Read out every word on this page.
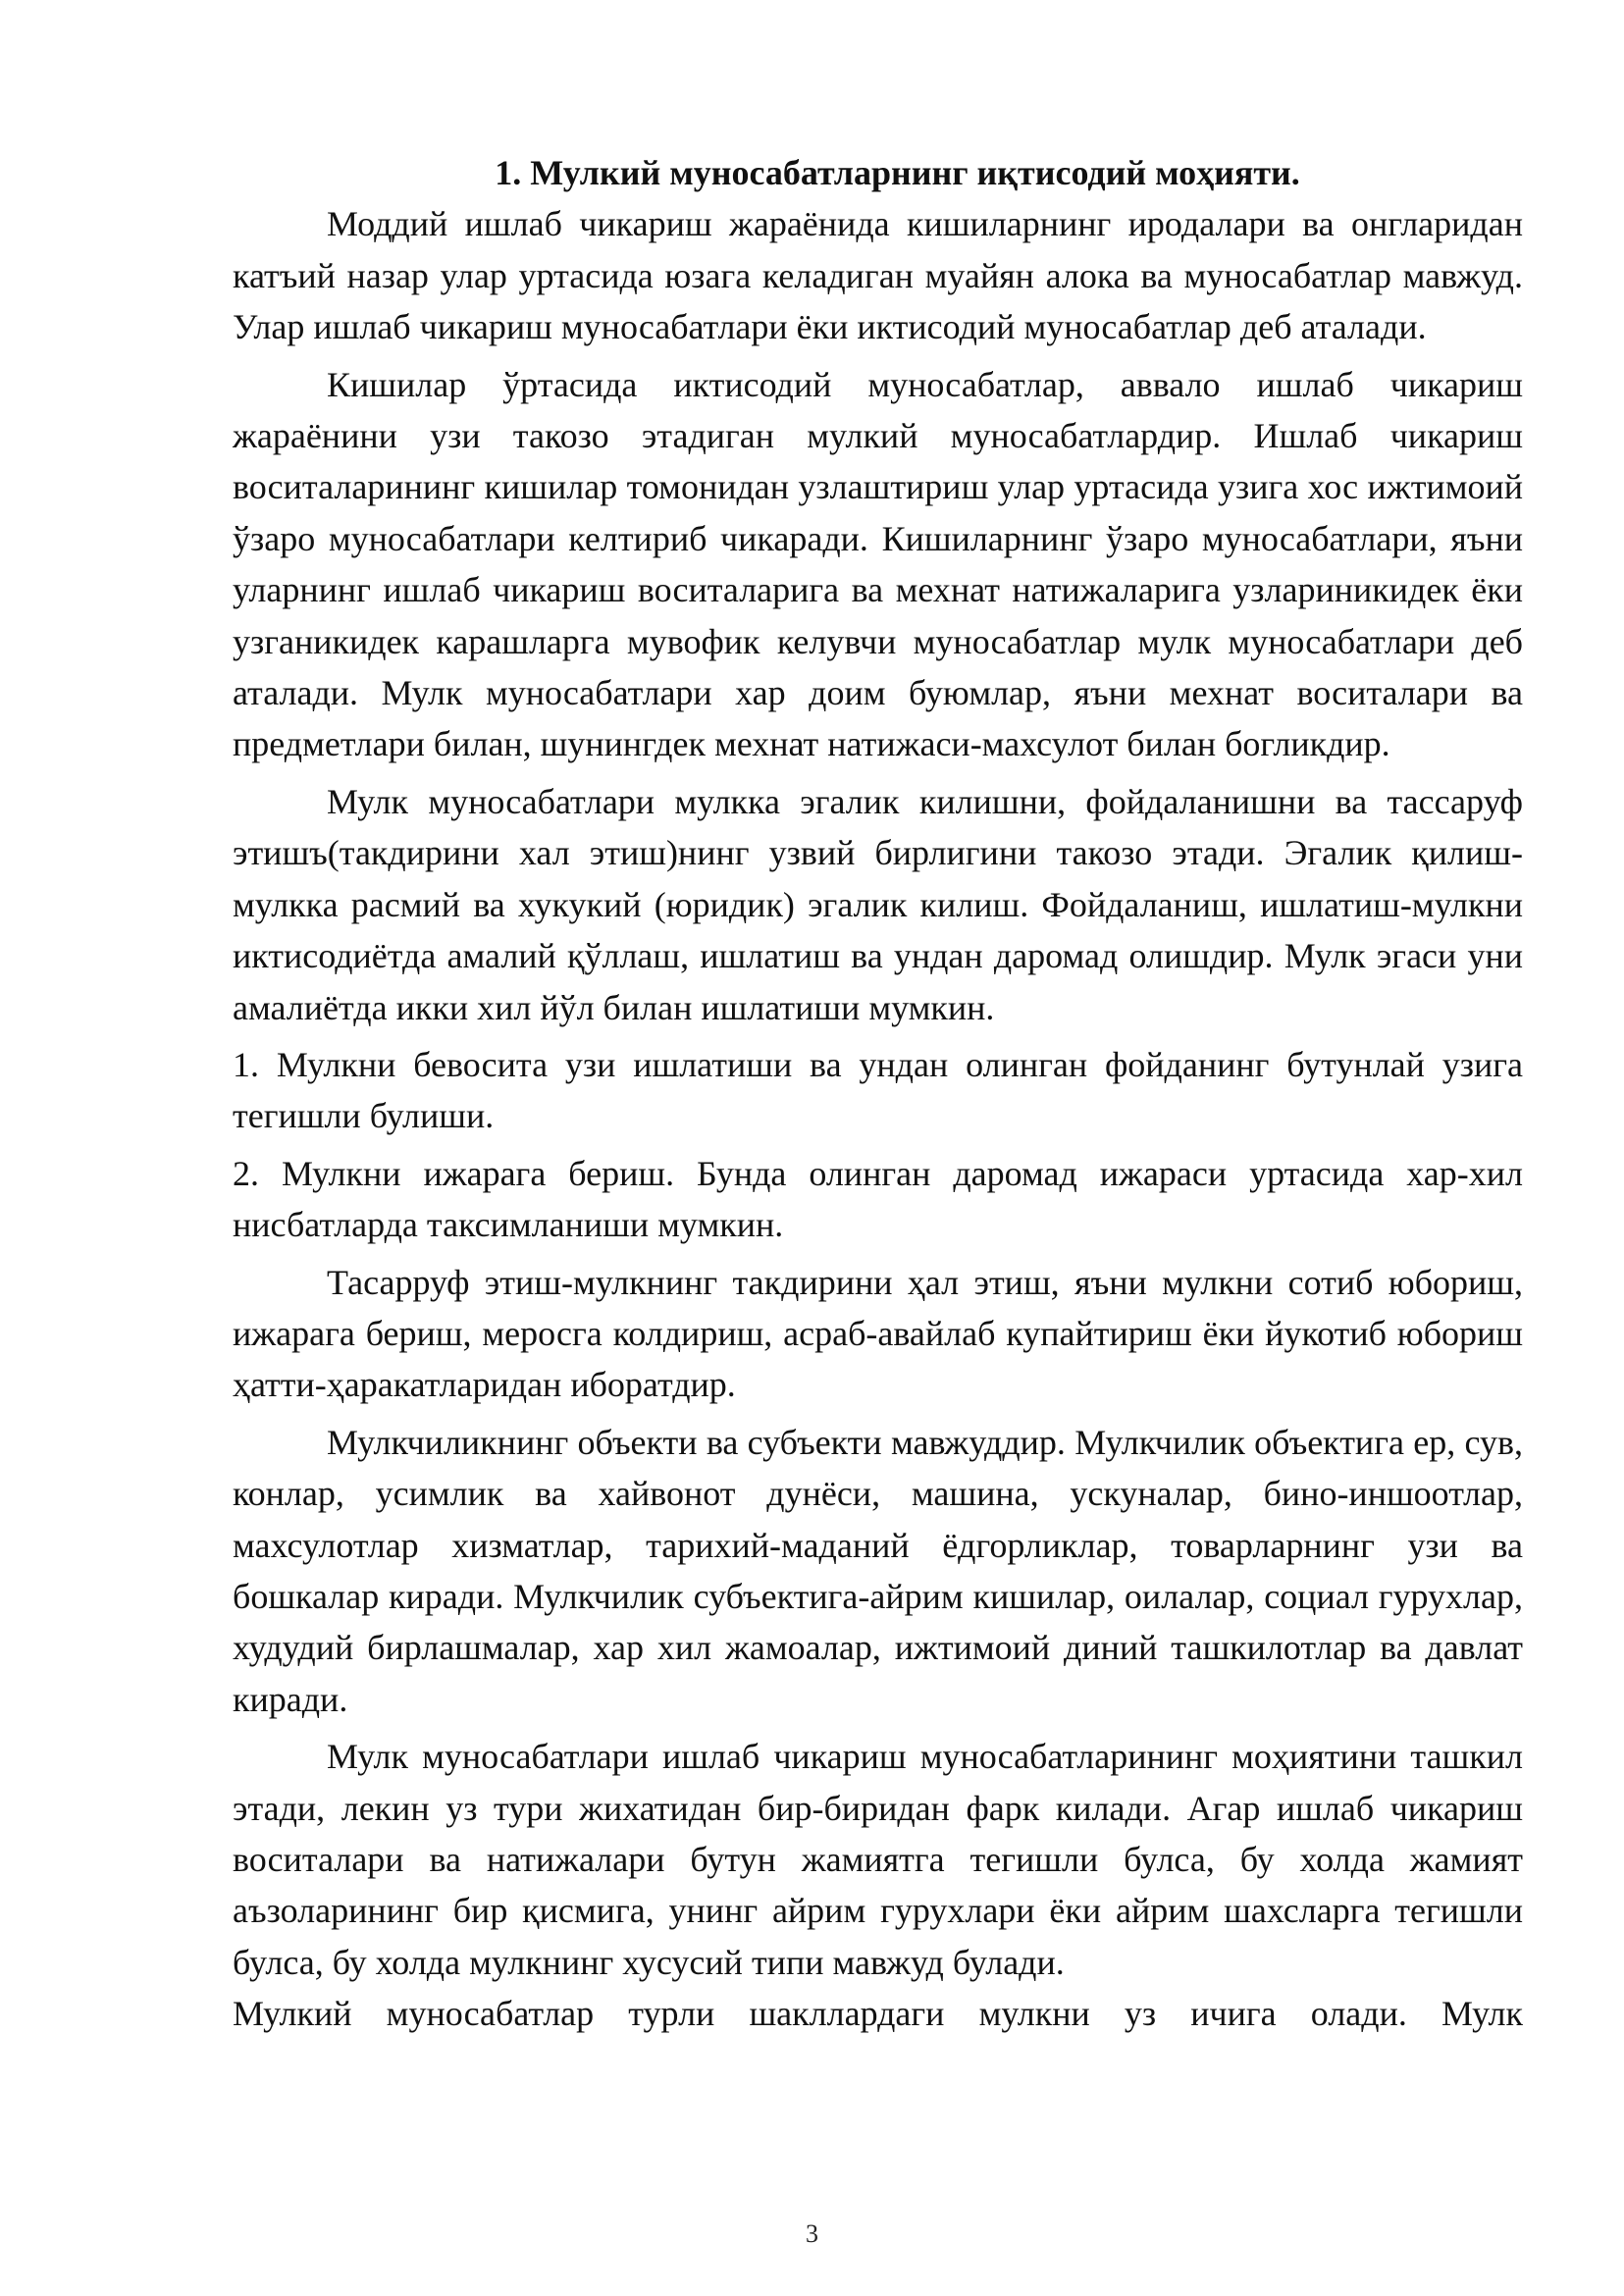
1. Мулкий муносабатларнинг иқтисодий моҳияти.

Моддий ишлаб чикариш жараёнида кишиларнинг иродалари ва онгларидан катъий назар улар уртасида юзага келадиган муайян алока ва муносабатлар мавжуд. Улар ишлаб чикариш муносабатлари ёки иктисодий муносабатлар деб аталади.

Кишилар ўртасида иктисодий муносабатлар, аввало ишлаб чикариш жараёнини узи такозо этадиган мулкий муносабатлардир. Ишлаб чикариш воситаларининг кишилар томонидан узлаштириш улар уртасида узига хос ижтимоий ўзаро муносабатлари келтириб чикаради. Кишиларнинг ўзаро муносабатлари, яъни уларнинг ишлаб чикариш воситаларига ва мехнат натижаларига узлариникидек ёки узганикидек карашларга мувофик келувчи муносабатлар мулк муносабатлари деб аталади. Мулк муносабатлари хар доим буюмлар, яъни мехнат воситалари ва предметлари билан, шунингдек мехнат натижаси-махсулот билан богликдир.

Мулк муносабатлари мулкка эгалик килишни, фойдаланишни ва тассаруф этишъ(такдирини хал этиш)нинг узвий бирлигини такозо этади. Эгалик қилиш-мулкка расмий ва хукукий (юридик) эгалик килиш. Фойдаланиш, ишлатиш-мулкни иктисодиётда амалий қўллаш, ишлатиш ва ундан даромад олишдир. Мулк эгаси уни амалиётда икки хил йўл билан ишлатиши мумкин.

1. Мулкни бевосита узи ишлатиши ва ундан олинган фойданинг бутунлай узига тегишли булиши.

2. Мулкни ижарага бериш. Бунда олинган даромад ижараси уртасида хар-хил нисбатларда таксимланиши мумкин.

Тасарруф этиш-мулкнинг такдирини ҳал этиш, яъни мулкни сотиб юбориш, ижарага бериш, меросга колдириш, асраб-авайлаб купайтириш ёки йукотиб юбориш ҳатти-ҳаракатларидан иборатдир.

Мулкчиликнинг объекти ва субъекти мавжуддир. Мулкчилик объектига ер, сув, конлар, усимлик ва хайвонот дунёси, машина, ускуналар, бино-иншоотлар, махсулотлар хизматлар, тарихий-маданий ёдгорликлар, товарларнинг узи ва бошкалар киради. Мулкчилик субъектига-айрим кишилар, оилалар, социал гурухлар, худудий бирлашмалар, хар хил жамоалар, ижтимоий диний ташкилотлар ва давлат киради.

Мулк муносабатлари ишлаб чикариш муносабатларининг моҳиятини ташкил этади, лекин уз тури жихатидан бир-биридан фарк килади. Агар ишлаб чикариш воситалари ва натижалари бутун жамиятга тегишли булса, бу холда жамият аъзоларининг бир қисмига, унинг айрим гурухлари ёки айрим шахсларга тегишли булса, бу холда мулкнинг хусусий типи мавжуд булади.

Мулкий муносабатлар турли шакллардаги мулкни уз ичига олади. Мулк

3
